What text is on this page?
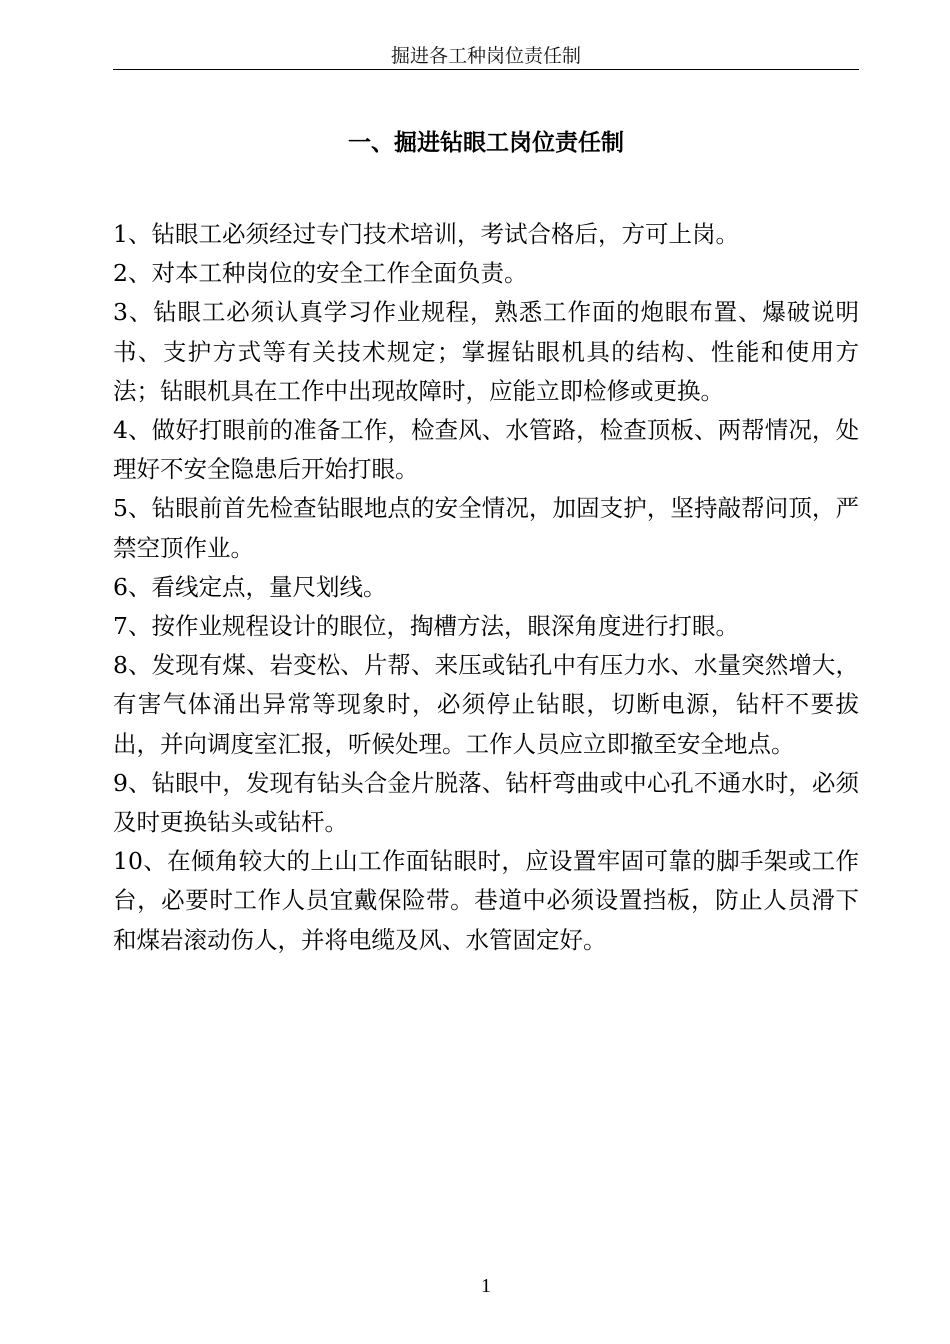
掘进各工种岗位责任制
一、掘进钻眼工岗位责任制

1、钻眼工必须经过专门技术培训，考试合格后，方可上岗。

2、对本工种岗位的安全工作全面负责。

3、钻眼工必须认真学习作业规程，熟悉工作面的炮眼布置、爆破说明书、支护方式等有关技术规定；掌握钻眼机具的结构、性能和使用方法；钻眼机具在工作中出现故障时，应能立即检修或更换。

4、做好打眼前的准备工作，检查风、水管路，检查顶板、两帮情况，处理好不安全隐患后开始打眼。

5、钻眼前首先检查钻眼地点的安全情况，加固支护，坚持敲帮问顶，严禁空顶作业。

6、看线定点，量尺划线。

7、按作业规程设计的眼位，掏槽方法，眼深角度进行打眼。

8、发现有煤、岩变松、片帮、来压或钻孔中有压力水、水量突然增大，有害气体涌出异常等现象时，必须停止钻眼，切断电源，钻杆不要拔出，并向调度室汇报，听候处理。工作人员应立即撤至安全地点。

9、钻眼中，发现有钻头合金片脱落、钻杆弯曲或中心孔不通水时，必须及时更换钻头或钻杆。

10、在倾角较大的上山工作面钻眼时，应设置牢固可靠的脚手架或工作台，必要时工作人员宜戴保险带。巷道中必须设置挡板，防止人员滑下和煤岩滚动伤人，并将电缆及风、水管固定好。

1
